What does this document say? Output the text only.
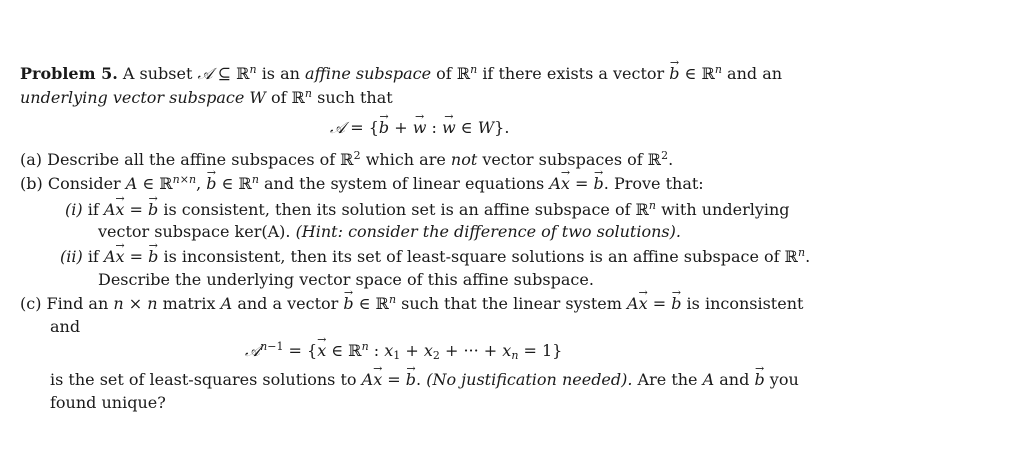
Problem 5. A subset 𝒜 ⊆ ℝ$^n$ is an affine subspace of ℝ$^n$ if there exists a vector → b ∈ ℝ$^n$ and an
underlying vector subspace W of ℝ$^n$ such that
𝒜 = {→ b + → w : → w ∈ W}.
(a) Describe all the affine subspaces of ℝ$^2$ which are not vector subspaces of ℝ$^2$.
(b) Consider A ∈ ℝ$^{n\times n}$, → b ∈ ℝ$^n$ and the system of linear equations A→ x = → b. Prove that:
(i) if A→ x = → b is consistent, then its solution set is an affine subspace of ℝ$^n$ with underlying
vector subspace ker(A). (Hint: consider the difference of two solutions).
(ii) if A→ x = → b is inconsistent, then its set of least-square solutions is an affine subspace of ℝ$^n$.
Describe the underlying vector space of this affine subspace.
(c) Find an n × n matrix A and a vector → b ∈ ℝ$^n$ such that the linear system A→ x = → b is inconsistent
and
𝒜$^{n-1}$ = {→ x ∈ ℝ$^n$ : $x_1 + x_2$ + ··· + $x_n = 1$}
is the set of least-squares solutions to A→ x = → b. (No justification needed). Are the A and → b you
found unique?
